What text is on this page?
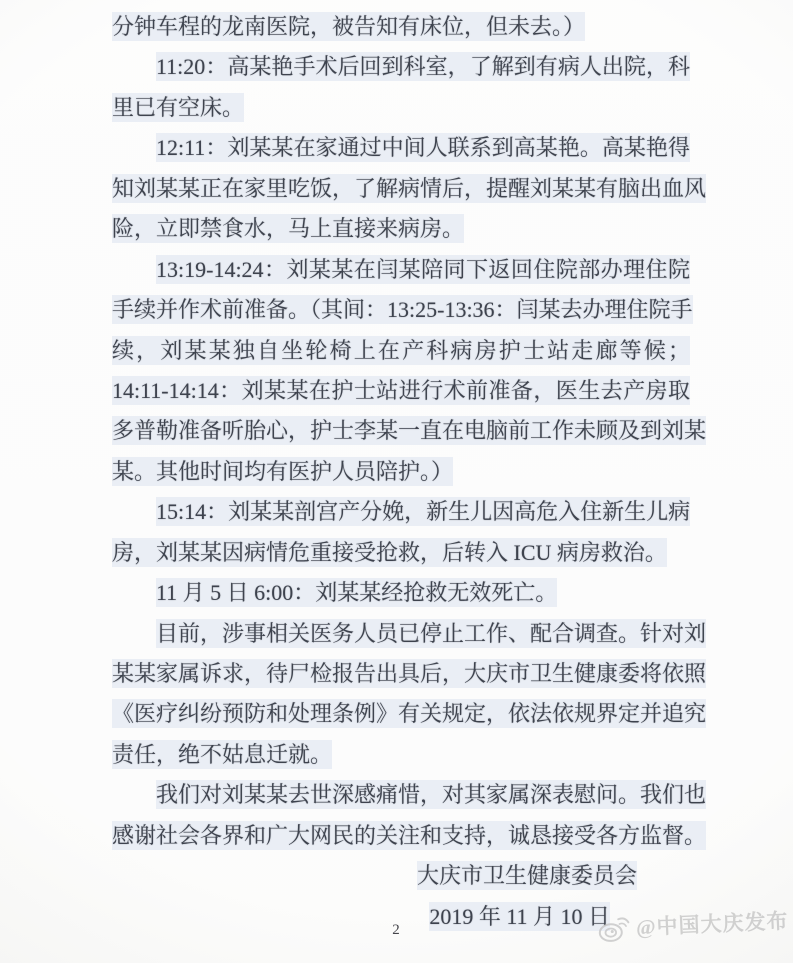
分钟车程的龙南医院，被告知有床位，但未去。）
11:20：高某艳手术后回到科室，了解到有病人出院，科
里已有空床。
12:11：刘某某在家通过中间人联系到高某艳。高某艳得
知刘某某正在家里吃饭，了解病情后，提醒刘某某有脑出血风
险，立即禁食水，马上直接来病房。
13:19-14:24：刘某某在闫某陪同下返回住院部办理住院
手续并作术前准备。（其间：13:25-13:36：闫某去办理住院手
续，刘某某独自坐轮椅上在产科病房护士站走廊等候；
14:11-14:14：刘某某在护士站进行术前准备，医生去产房取
多普勒准备听胎心，护士李某一直在电脑前工作未顾及到刘某
某。其他时间均有医护人员陪护。）
15:14：刘某某剖宫产分娩，新生儿因高危入住新生儿病
房，刘某某因病情危重接受抢救，后转入 ICU 病房救治。
11 月 5 日 6:00：刘某某经抢救无效死亡。
目前，涉事相关医务人员已停止工作、配合调查。针对刘
某某家属诉求，待尸检报告出具后，大庆市卫生健康委将依照
《医疗纠纷预防和处理条例》有关规定，依法依规界定并追究
责任，绝不姑息迁就。
我们对刘某某去世深感痛惜，对其家属深表慰问。我们也
感谢社会各界和广大网民的关注和支持，诚恳接受各方监督。
大庆市卫生健康委员会
2019 年 11 月 10 日
2	@中国大庆发布
